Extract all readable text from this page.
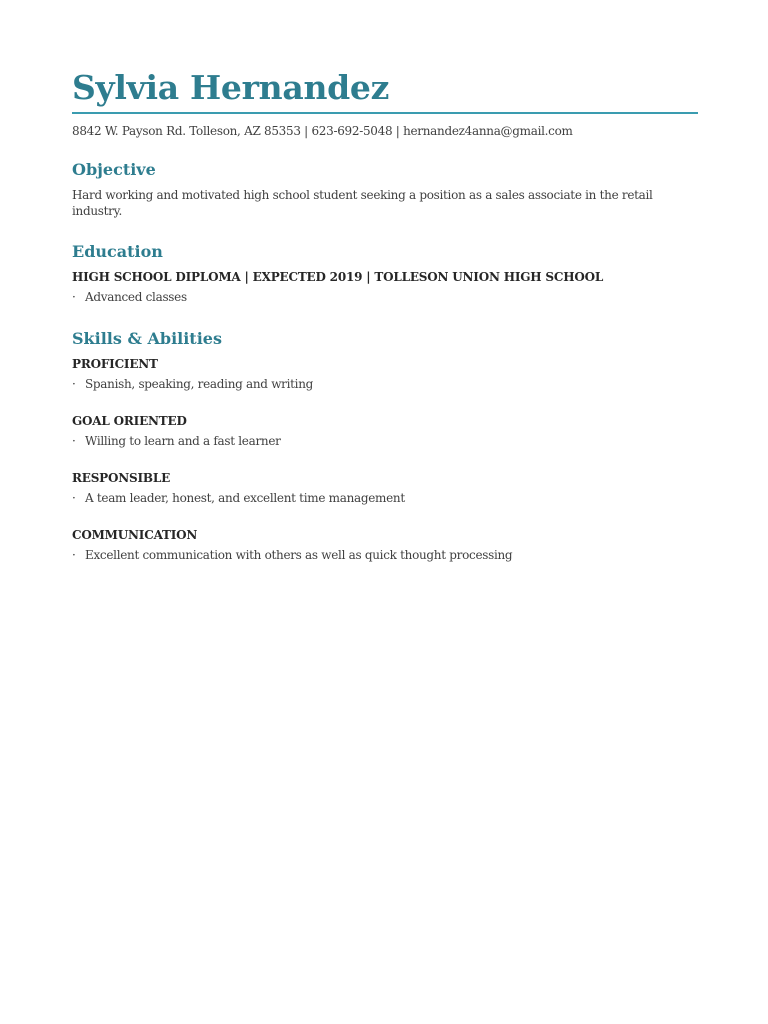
Sylvia Hernandez
8842 W. Payson Rd. Tolleson, AZ 85353 | 623-692-5048 | hernandez4anna@gmail.com
Objective
Hard working and motivated high school student seeking a position as a sales associate in the retail industry.
Education
HIGH SCHOOL DIPLOMA | EXPECTED 2019 | TOLLESON UNION HIGH SCHOOL
· Advanced classes
Skills & Abilities
PROFICIENT
· Spanish, speaking, reading and writing
GOAL ORIENTED
· Willing to learn and a fast learner
RESPONSIBLE
· A team leader, honest, and excellent time management
COMMUNICATION
· Excellent communication with others as well as quick thought processing
